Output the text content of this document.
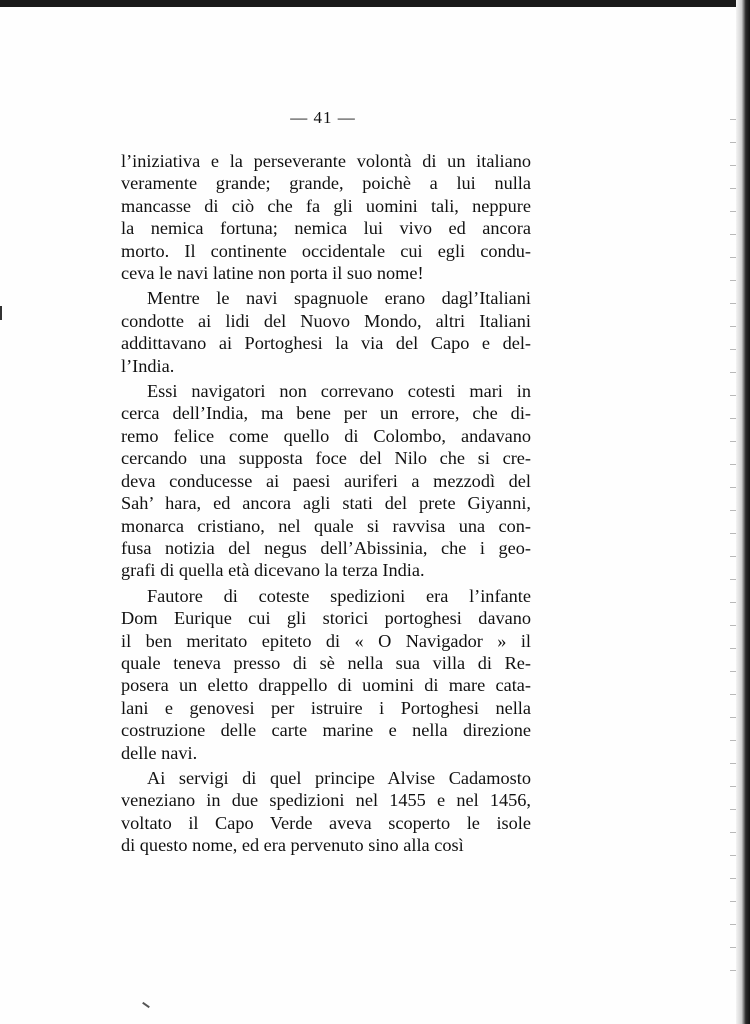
— 41 —
l’iniziativa e la perseverante volontà di un italiano
veramente grande; grande, poichè a lui nulla
mancasse di ciò che fa gli uomini tali, neppure
la nemica fortuna; nemica lui vivo ed ancora
morto. Il continente occidentale cui egli condu-
ceva le navi latine non porta il suo nome!
Mentre le navi spagnuole erano dagl’Italiani
condotte ai lidi del Nuovo Mondo, altri Italiani
addittavano ai Portoghesi la via del Capo e del-
l’India.
Essi navigatori non correvano cotesti mari in
cerca dell’India, ma bene per un errore, che di-
remo felice come quello di Colombo, andavano
cercando una supposta foce del Nilo che si cre-
deva conducesse ai paesi auriferi a mezzodì del
Sah’ hara, ed ancora agli stati del prete Giyanni,
monarca cristiano, nel quale si ravvisa una con-
fusa notizia del negus dell’Abissinia, che i geo-
grafi di quella età dicevano la terza India.
Fautore di coteste spedizioni era l’infante
Dom Eurique cui gli storici portoghesi davano
il ben meritato epiteto di « O Navigador » il
quale teneva presso di sè nella sua villa di Re-
posera un eletto drappello di uomini di mare cata-
lani e genovesi per istruire i Portoghesi nella
costruzione delle carte marine e nella direzione
delle navi.
Ai servigi di quel principe Alvise Cadamosto
veneziano in due spedizioni nel 1455 e nel 1456,
voltato il Capo Verde aveva scoperto le isole
di questo nome, ed era pervenuto sino alla così
